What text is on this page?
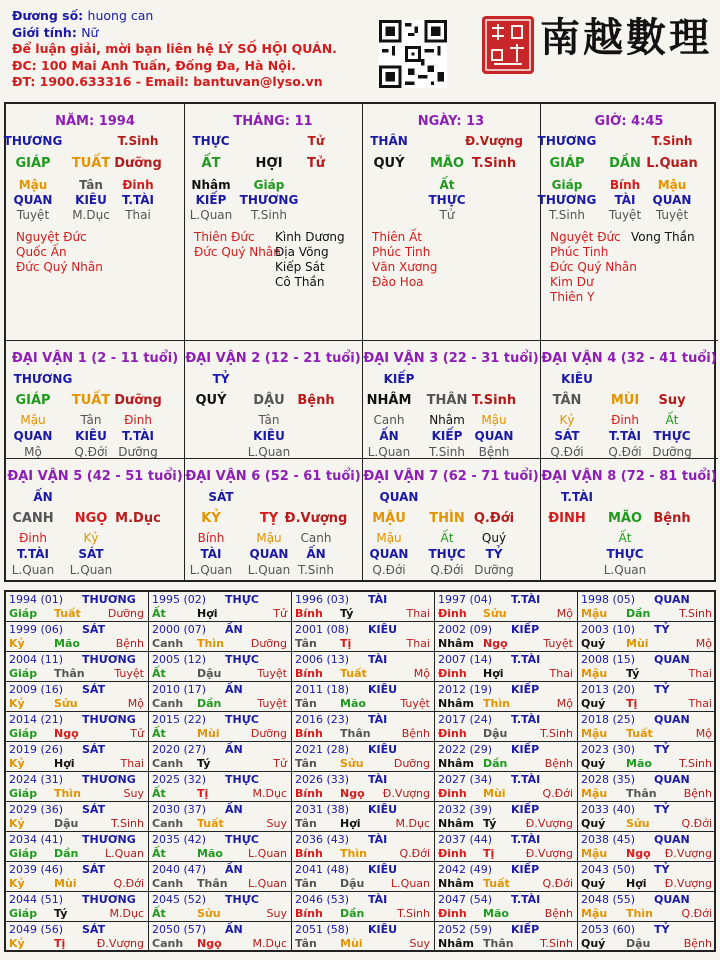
Đương số: huong can
Giới tính: Nữ
Để luận giải, mời bạn liên hệ LÝ SỐ HỘI QUÁN.
ĐC: 100 Mai Anh Tuấn, Đống Đa, Hà Nội.
ĐT: 1900.633316 - Email: bantuvan@lyso.vn
南越數理
NĂM: 1994
THƯƠNG	T.Sinh
GIÁP TUẤT Dưỡng
Mậu	Tân Đinh
QUAN KIÊU T.TÀI
Tuyệt M.Dục Thai
Nguyệt Đức
Quốc Ấn
Đức Quý Nhân
THÁNG: 11
THỰC	Tử
ẤT	HỢI Tử
Nhâm Giáp
KIẾP THƯƠNG
L.Quan T.Sinh
Thiên Đức
Đức Quý Nhân
Kình Dương
Địa Võng
Kiếp Sát
Cô Thần
NGÀY: 13
THÂN	Đ.Vượng
QUÝ MÃO T.Sinh
Ất
THỰC
Tử
Thiên Ất
Phúc Tinh
Văn Xương
Đào Hoa
GIỜ: 4:45
THƯƠNG	T.Sinh
GIÁP DẦN L.Quan
Giáp Bính Mậu
THƯƠNG TÀI QUAN
T.Sinh Tuyệt Tuyệt
Nguyệt Đức
Phúc Tinh
Đức Quý Nhân
Kim Dư
Thiên Y
Vong Thần
ĐẠI VẬN 1 (2 - 11 tuổi)
THƯƠNG
GIÁP TUẤT Dưỡng
Mậu	Tân Đinh
QUAN KIÊU T.TÀI
Mộ	Q.Đới Dưỡng
ĐẠI VẬN 2 (12 - 21 tuổi)
TỶ
QUÝ DẬU Bệnh
Tân
KIÊU
L.Quan
ĐẠI VẬN 3 (22 - 31 tuổi)
KIẾP
NHÂM THÂN T.Sinh
Canh Nhâm Mậu
ẤN	KIẾP QUAN
L.Quan T.Sinh Bệnh
ĐẠI VẬN 4 (32 - 41 tuổi)
KIÊU
TÂN MÙI Suy
Kỷ	Đinh Ất
SÁT T.TÀI THỰC
Q.Đới Q.Đới Dưỡng
ĐẠI VẬN 5 (42 - 51 tuổi)
ẤN
CANH NGỌ M.Dục
Đinh	Kỷ
T.TÀI SÁT
L.Quan L.Quan
ĐẠI VẬN 6 (52 - 61 tuổi)
SÁT
KỶ	TỴ Đ.Vượng
Bính	Mậu Canh
TÀI QUAN ẤN
L.Quan L.Quan T.Sinh
ĐẠI VẬN 7 (62 - 71 tuổi)
QUAN
MẬU THÌN Q.Đới
Mậu	Ất Quý
QUAN THỰC TỶ
Q.Đới Q.Đới Dưỡng
ĐẠI VẬN 8 (72 - 81 tuổi)
T.TÀI
ĐINH MÃO Bệnh
Ất
THỰC
L.Quan
1994 (01) THƯƠNG
Giáp Tuất Dưỡng
1995 (02) THỰC
Ất	Hợi	Tử
1996 (03) TÀI
Bính Tý	Thai
1997 (04) T.TÀI
Đinh Sửu	Mộ
1998 (05) QUAN
Mậu Dần	T.Sinh
1999 (06) SÁT
Kỷ	Mão	Bệnh
2000 (07) ẤN
Canh Thìn Dưỡng
2001 (08) KIÊU
Tân Tị	Thai
2002 (09) KIẾP
Nhâm Ngọ	Tuyệt
2003 (10) TỶ
Quý Mùi	Mộ
2004 (11) THƯƠNG
Giáp Thân	Tuyệt
2005 (12) THỰC
Ất	Dậu	Tuyệt
2006 (13) TÀI
Bính Tuất	Mộ
2007 (14) T.TÀI
Đinh Hợi	Thai
2008 (15) QUAN
Mậu Tý	Thai
2009 (16) SÁT
Kỷ	Sửu	Mộ
2010 (17) ẤN
Canh Dần	Tuyệt
2011 (18) KIÊU
Tân Mão	Tuyệt
2012 (19) KIẾP
Nhâm Thìn	Mộ
2013 (20) TỶ
Quý Tị	Thai
2014 (21) THƯƠNG
Giáp Ngọ	Tử
2015 (22) THỰC
Ất	Mùi	Dưỡng
2016 (23) TÀI
Bính Thân	Bệnh
2017 (24) T.TÀI
Đinh Dậu	T.Sinh
2018 (25) QUAN
Mậu Tuất	Mộ
2019 (26) SÁT
Kỷ	Hợi	Thai
2020 (27) ẤN
Canh Tý	Tử
2021 (28) KIÊU
Tân Sửu	Dưỡng
2022 (29) KIẾP
Nhâm Dần	Bệnh
2023 (30) TỶ
Quý Mão T.Sinh
2024 (31) THƯƠNG
Giáp Thìn	Suy
2025 (32) THỰC
Ất	Tị	M.Dục
2026 (33) TÀI
Bính Ngọ Đ.Vượng
2027 (34) T.TÀI
Đinh Mùi	Q.Đới
2028 (35) QUAN
Mậu Thân Bệnh
2029 (36) SÁT
Kỷ	Dậu	T.Sinh
2030 (37) ẤN
Canh Tuất	Suy
2031 (38) KIÊU
Tân Hợi	M.Dục
2032 (39) KIẾP
Nhâm Tý	Đ.Vượng
2033 (40) TỶ
Quý Sửu	Q.Đới
2034 (41) THƯƠNG
Giáp Dần L.Quan
2035 (42) THỰC
Ất	Mão L.Quan
2036 (43) TÀI
Bính Thìn	Q.Đới
2037 (44) T.TÀI
Đinh Tị	Đ.Vượng
2038 (45) QUAN
Mậu Ngọ Đ.Vượng
2039 (46) SÁT
Kỷ	Mùi	Q.Đới
2040 (47) ẤN
Canh Thân L.Quan
2041 (48) KIÊU
Tân Dậu L.Quan
2042 (49) KIẾP
Nhâm Tuất	Q.Đới
2043 (50) TỶ
Quý Hợi Đ.Vượng
2044 (51) THƯƠNG
Giáp Tý	M.Dục
2045 (52) THỰC
Ất	Sửu	Suy
2046 (53) TÀI
Bính Dần	T.Sinh
2047 (54) T.TÀI
Đinh Mão	Bệnh
2048 (55) QUAN
Mậu Thìn	Q.Đới
2049 (56) SÁT
Kỷ	Tị	Đ.Vượng
2050 (57) ẤN
Canh Ngọ	M.Dục
2051 (58) KIÊU
Tân Mùi	Suy
2052 (59) KIẾP
Nhâm Thân T.Sinh
2053 (60) TỶ
Quý Dậu	Bệnh
